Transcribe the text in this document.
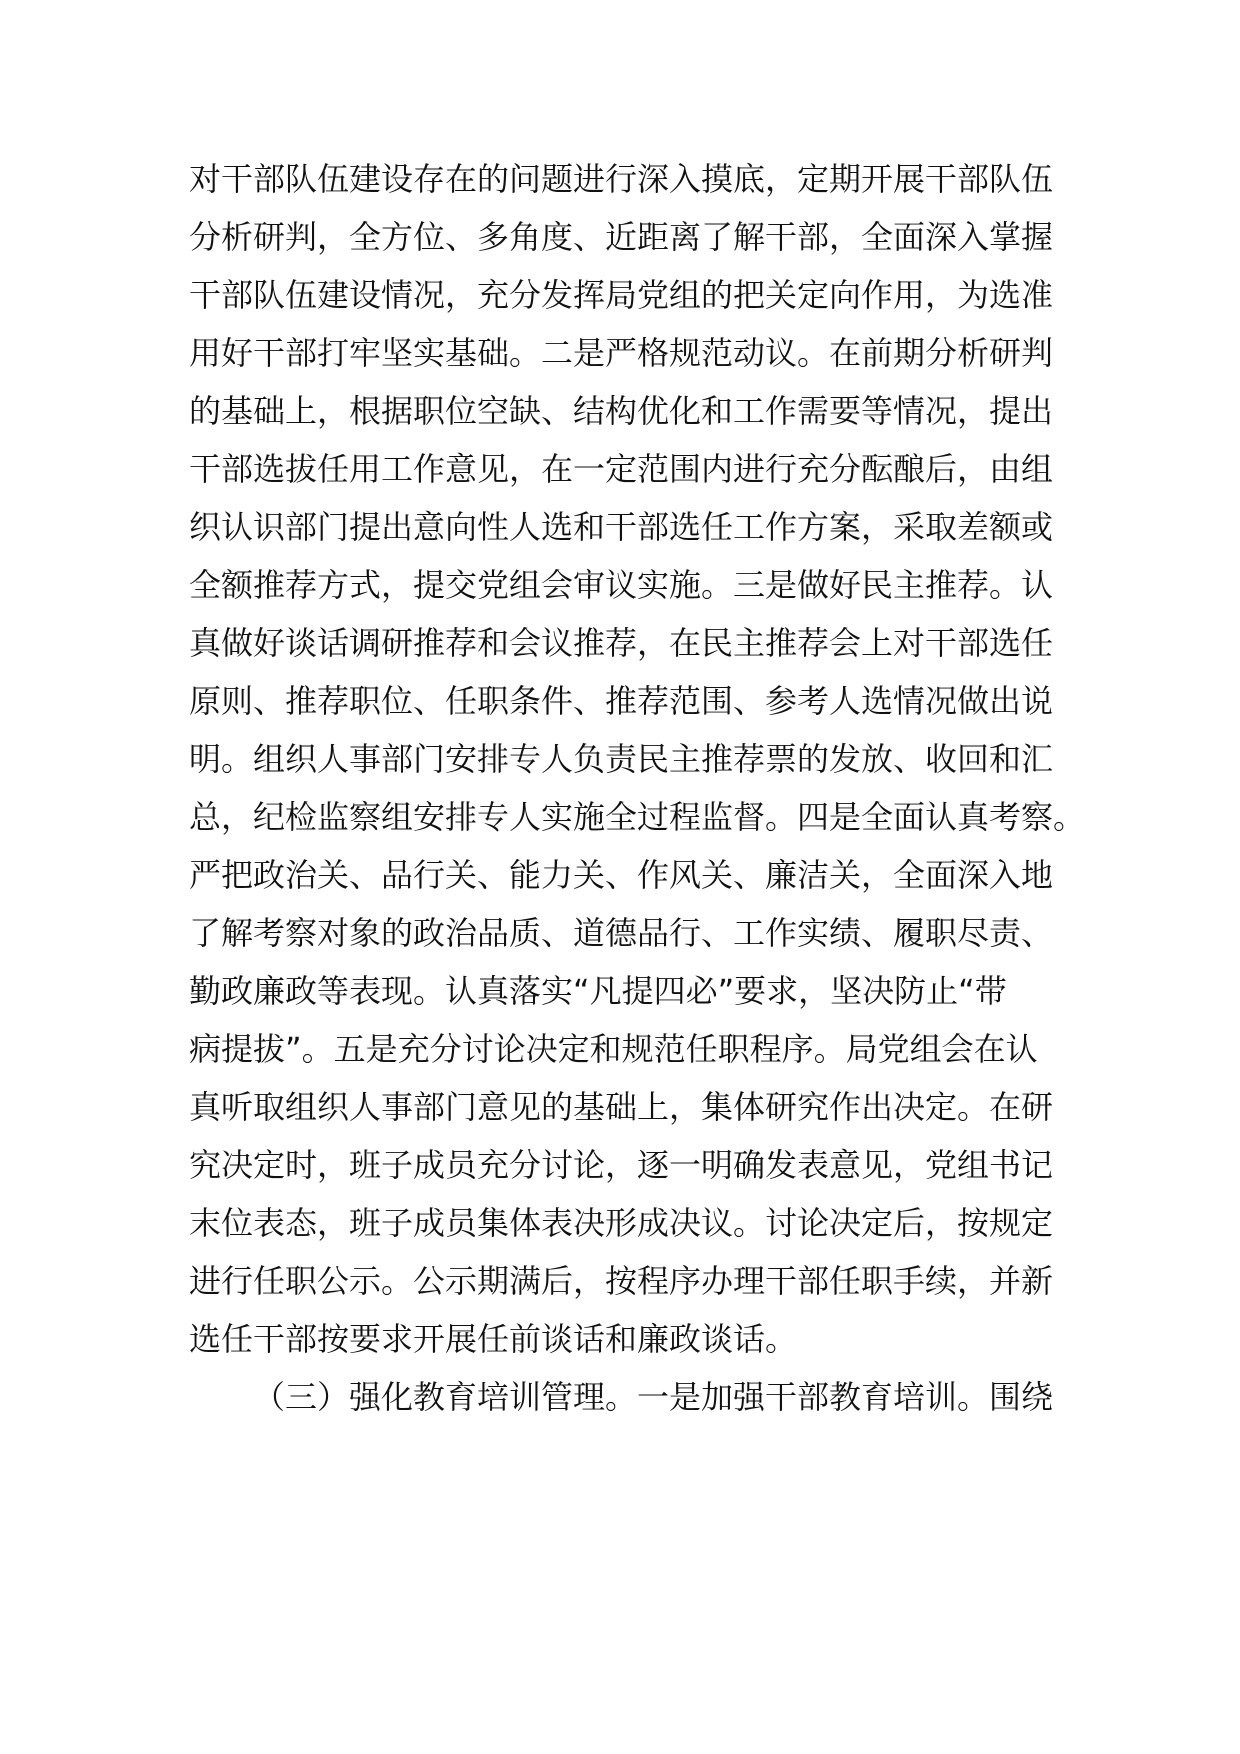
对干部队伍建设存在的问题进行深入摸底，定期开展干部队伍
分析研判，全方位、多角度、近距离了解干部，全面深入掌握
干部队伍建设情况，充分发挥局党组的把关定向作用，为选准
用好干部打牢坚实基础。二是严格规范动议。在前期分析研判
的基础上，根据职位空缺、结构优化和工作需要等情况，提出
干部选拔任用工作意见，在一定范围内进行充分酝酿后，由组
织认识部门提出意向性人选和干部选任工作方案，采取差额或
全额推荐方式，提交党组会审议实施。三是做好民主推荐。认
真做好谈话调研推荐和会议推荐，在民主推荐会上对干部选任
原则、推荐职位、任职条件、推荐范围、参考人选情况做出说
明。组织人事部门安排专人负责民主推荐票的发放、收回和汇
总，纪检监察组安排专人实施全过程监督。四是全面认真考察。
严把政治关、品行关、能力关、作风关、廉洁关，全面深入地
了解考察对象的政治品质、道德品行、工作实绩、履职尽责、
勤政廉政等表现。认真落实“凡提四必”要求，坚决防止“带
病提拔”。五是充分讨论决定和规范任职程序。局党组会在认
真听取组织人事部门意见的基础上，集体研究作出决定。在研
究决定时，班子成员充分讨论，逐一明确发表意见，党组书记
末位表态，班子成员集体表决形成决议。讨论决定后，按规定
进行任职公示。公示期满后，按程序办理干部任职手续，并新
选任干部按要求开展任前谈话和廉政谈话。
（三）强化教育培训管理。一是加强干部教育培训。围绕
